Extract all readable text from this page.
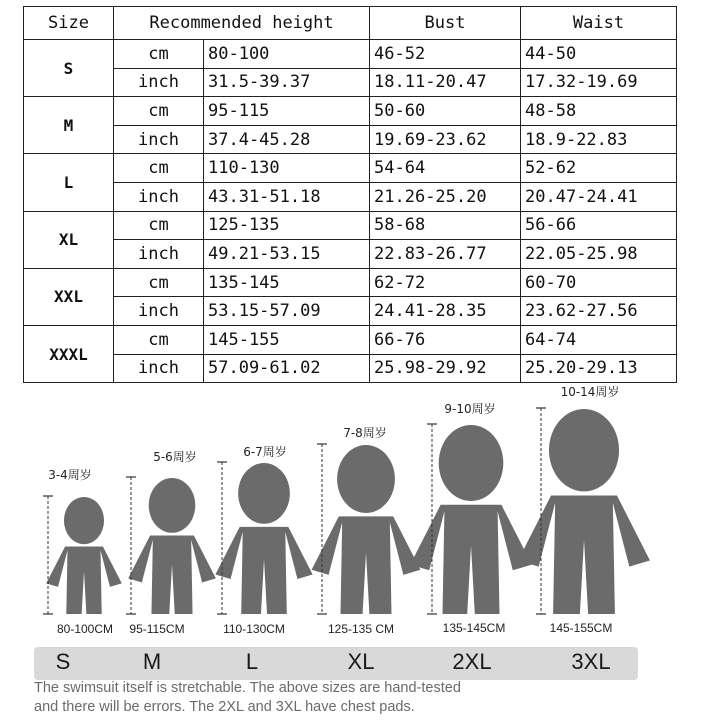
Size	Recommended height		Bust	Waist
S	cm	80-100	46-52	44-50
	inch	31.5-39.37	18.11-20.47	17.32-19.69
M	cm	95-115	50-60	48-58
	inch	37.4-45.28	19.69-23.62	18.9-22.83
L	cm	110-130	54-64	52-62
	inch	43.31-51.18	21.26-25.20	20.47-24.41
XL	cm	125-135	58-68	56-66
	inch	49.21-53.15	22.83-26.77	22.05-25.98
XXL	cm	135-145	62-72	60-70
	inch	53.15-57.09	24.41-28.35	23.62-27.56
XXXL	cm	145-155	66-76	64-74
	inch	57.09-61.02	25.98-29.92	25.20-29.13
3-4周岁
80-100CM
5-6周岁
95-115CM
6-7周岁
110-130CM
7-8周岁
125-135 CM
9-10周岁
135-145CM
10-14周岁
145-155CM
S	M	L	XL	2XL	3XL
The swimsuit itself is stretchable. The above sizes are hand-tested
and there will be errors. The 2XL and 3XL have chest pads.
